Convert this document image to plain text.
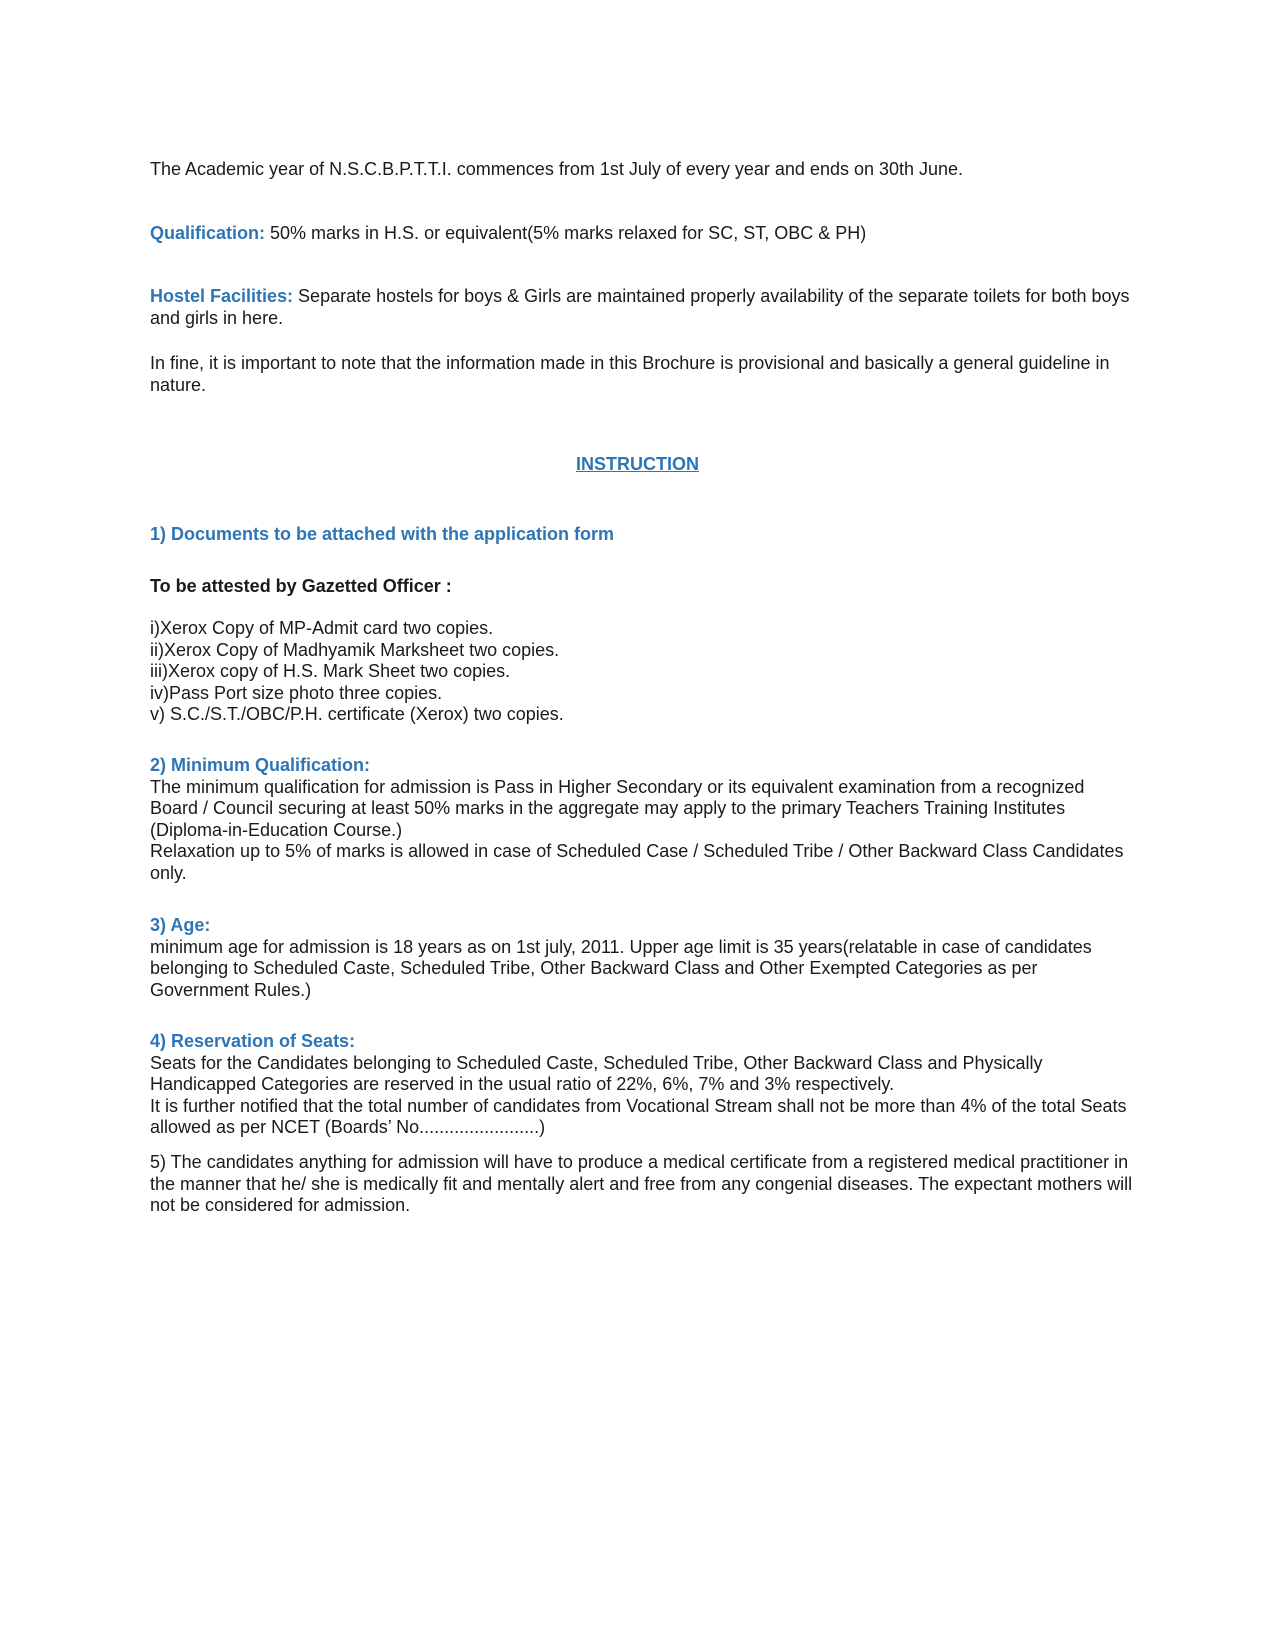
The Academic year of N.S.C.B.P.T.T.I. commences from 1st July of every year and ends on 30th June.

Qualification: 50% marks in H.S. or equivalent(5% marks relaxed for SC, ST, OBC & PH)

Hostel Facilities: Separate hostels for boys & Girls are maintained properly availability of the separate toilets for both boys and girls in here.

In fine, it is important to note that the information made in this Brochure is provisional and basically a general guideline in nature.

INSTRUCTION

1) Documents to be attached with the application form

To be attested by Gazetted Officer :

i)Xerox Copy of MP-Admit card two copies.
ii)Xerox Copy of Madhyamik Marksheet two copies.
iii)Xerox copy of H.S. Mark Sheet two copies.
iv)Pass Port size photo three copies.
v) S.C./S.T./OBC/P.H. certificate (Xerox) two copies.
2) Minimum Qualification:
The minimum qualification for admission is Pass in Higher Secondary or its equivalent examination from a recognized Board / Council securing at least 50% marks in the aggregate may apply to the primary Teachers Training Institutes (Diploma-in-Education Course.)
Relaxation up to 5% of marks is allowed in case of Scheduled Case / Scheduled Tribe / Other Backward Class Candidates only.
3) Age:
minimum age for admission is 18 years as on 1st july, 2011. Upper age limit is 35 years(relatable in case of candidates belonging to Scheduled Caste, Scheduled Tribe, Other Backward Class and Other Exempted Categories as per Government Rules.)
4) Reservation of Seats:
Seats for the Candidates belonging to Scheduled Caste, Scheduled Tribe, Other Backward Class and Physically Handicapped Categories are reserved in the usual ratio of 22%, 6%, 7% and 3% respectively.
It is further notified that the total number of candidates from Vocational Stream shall not be more than 4% of the total Seats allowed as per NCET (Boards’ No........................)

5) The candidates anything for admission will have to produce a medical certificate from a registered medical practitioner in the manner that he/ she is medically fit and mentally alert and free from any congenial diseases. The expectant mothers will not be considered for admission.
